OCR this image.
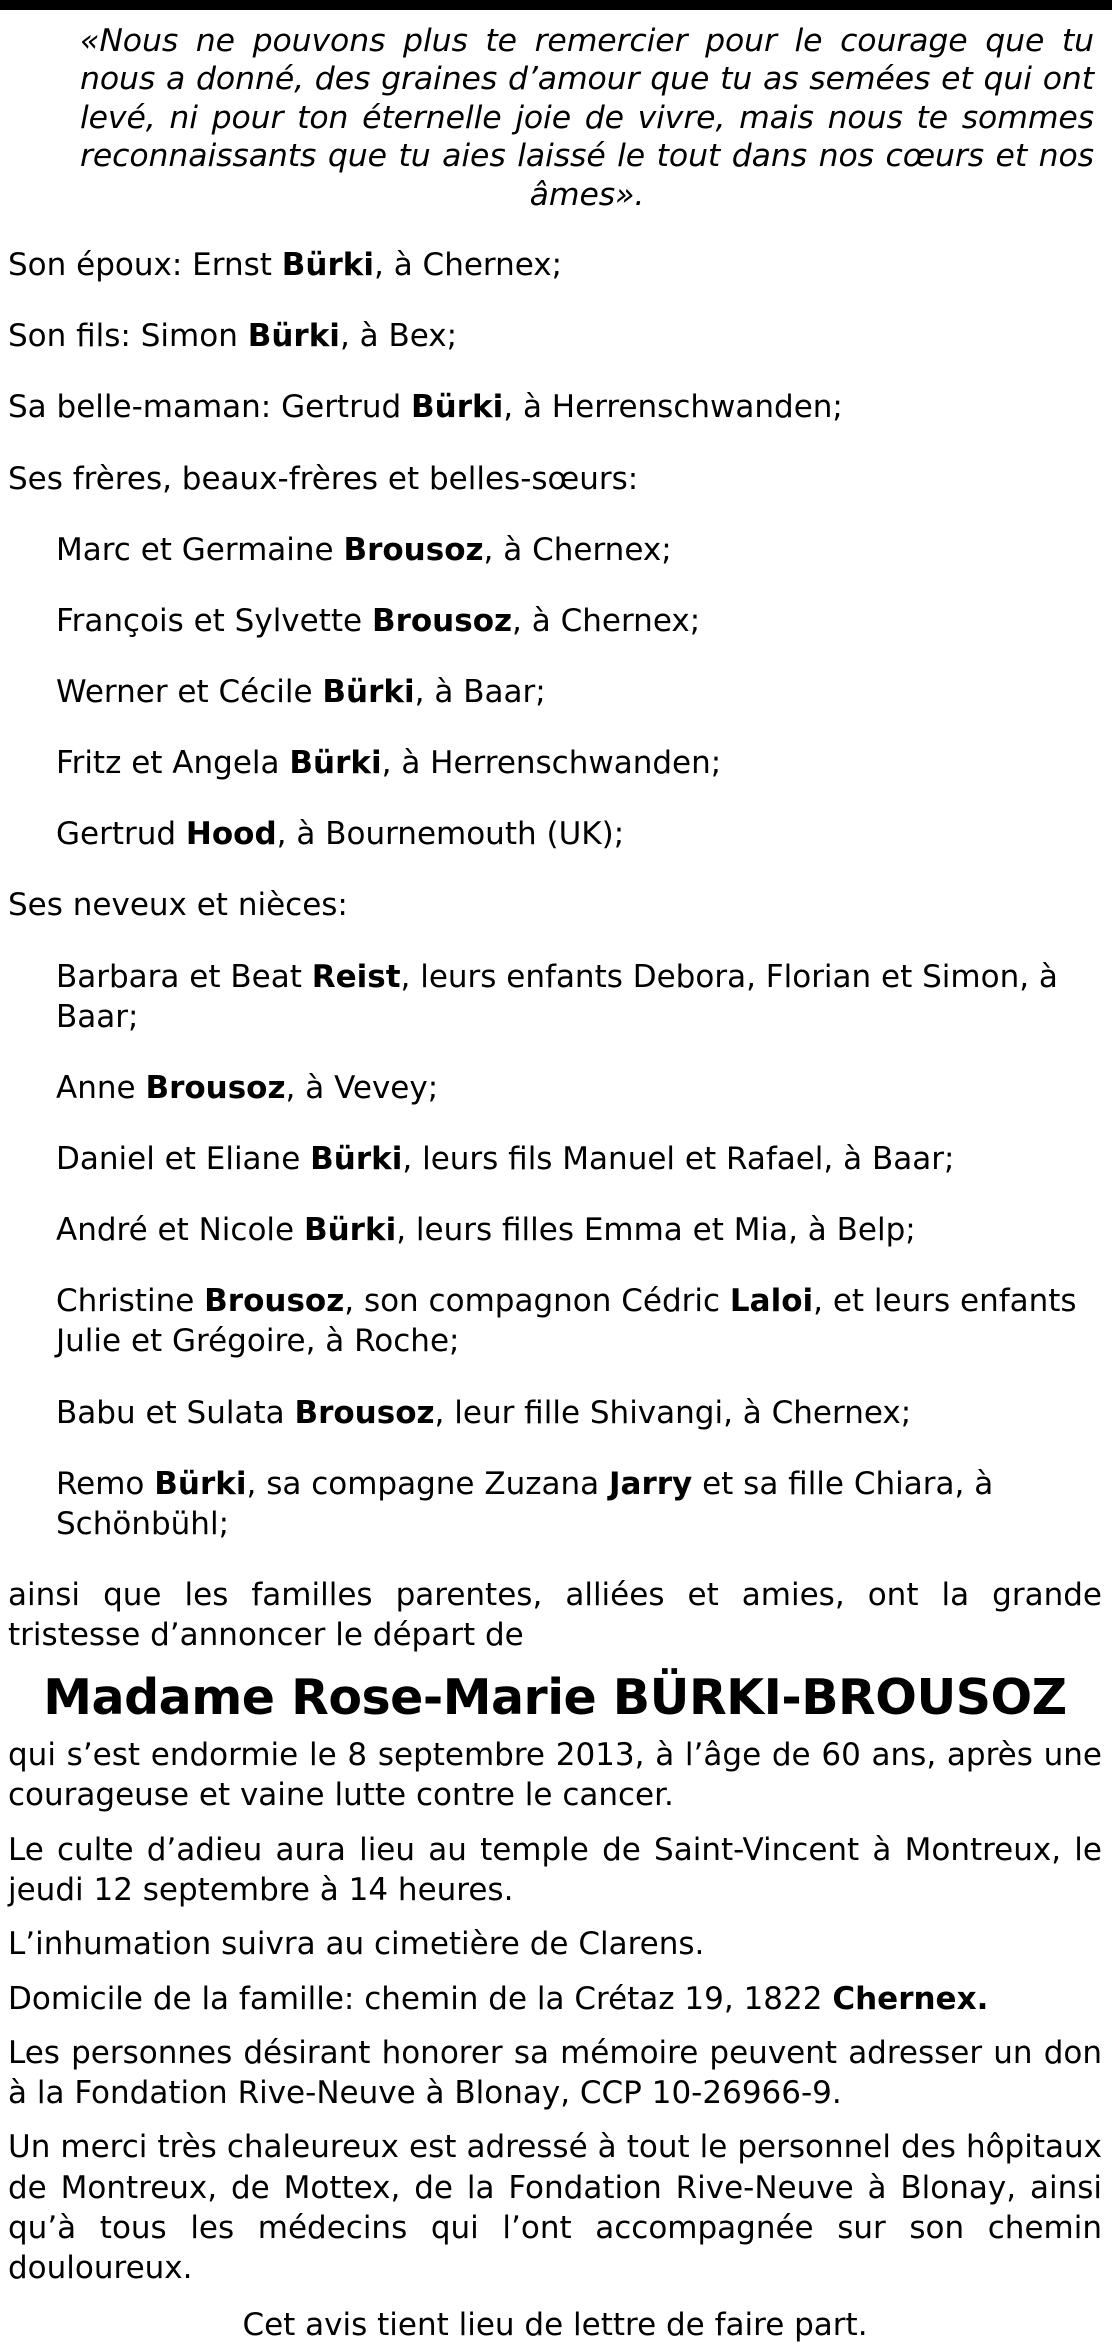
«Nous ne pouvons plus te remercier pour le courage que tu nous a donné, des graines d’amour que tu as semées et qui ont levé, ni pour ton éternelle joie de vivre, mais nous te sommes reconnaissants que tu aies laissé le tout dans nos cœurs et nos âmes».

Son époux: Ernst Bürki, à Chernex;

Son fils: Simon Bürki, à Bex;

Sa belle-maman: Gertrud Bürki, à Herrenschwanden;

Ses frères, beaux-frères et belles-sœurs:

Marc et Germaine Brousoz, à Chernex;

François et Sylvette Brousoz, à Chernex;

Werner et Cécile Bürki, à Baar;

Fritz et Angela Bürki, à Herrenschwanden;

Gertrud Hood, à Bournemouth (UK);

Ses neveux et nièces:

Barbara et Beat Reist, leurs enfants Debora, Florian et Simon, à Baar;

Anne Brousoz, à Vevey;

Daniel et Eliane Bürki, leurs fils Manuel et Rafael, à Baar;

André et Nicole Bürki, leurs filles Emma et Mia, à Belp;

Christine Brousoz, son compagnon Cédric Laloi, et leurs enfants Julie et Grégoire, à Roche;

Babu et Sulata Brousoz, leur fille Shivangi, à Chernex;

Remo Bürki, sa compagne Zuzana Jarry et sa fille Chiara, à Schönbühl;

ainsi que les familles parentes, alliées et amies, ont la grande tristesse d’annoncer le départ de

Madame Rose-Marie BÜRKI-BROUSOZ

qui s’est endormie le 8 septembre 2013, à l’âge de 60 ans, après une courageuse et vaine lutte contre le cancer.

Le culte d’adieu aura lieu au temple de Saint-Vincent à Montreux, le jeudi 12 septembre à 14 heures.

L’inhumation suivra au cimetière de Clarens.

Domicile de la famille: chemin de la Crétaz 19, 1822 Chernex.

Les personnes désirant honorer sa mémoire peuvent adresser un don à la Fondation Rive-Neuve à Blonay, CCP 10-26966-9.

Un merci très chaleureux est adressé à tout le personnel des hôpitaux de Montreux, de Mottex, de la Fondation Rive-Neuve à Blonay, ainsi qu’à tous les médecins qui l’ont accompagnée sur son chemin douloureux.

Cet avis tient lieu de lettre de faire part.
